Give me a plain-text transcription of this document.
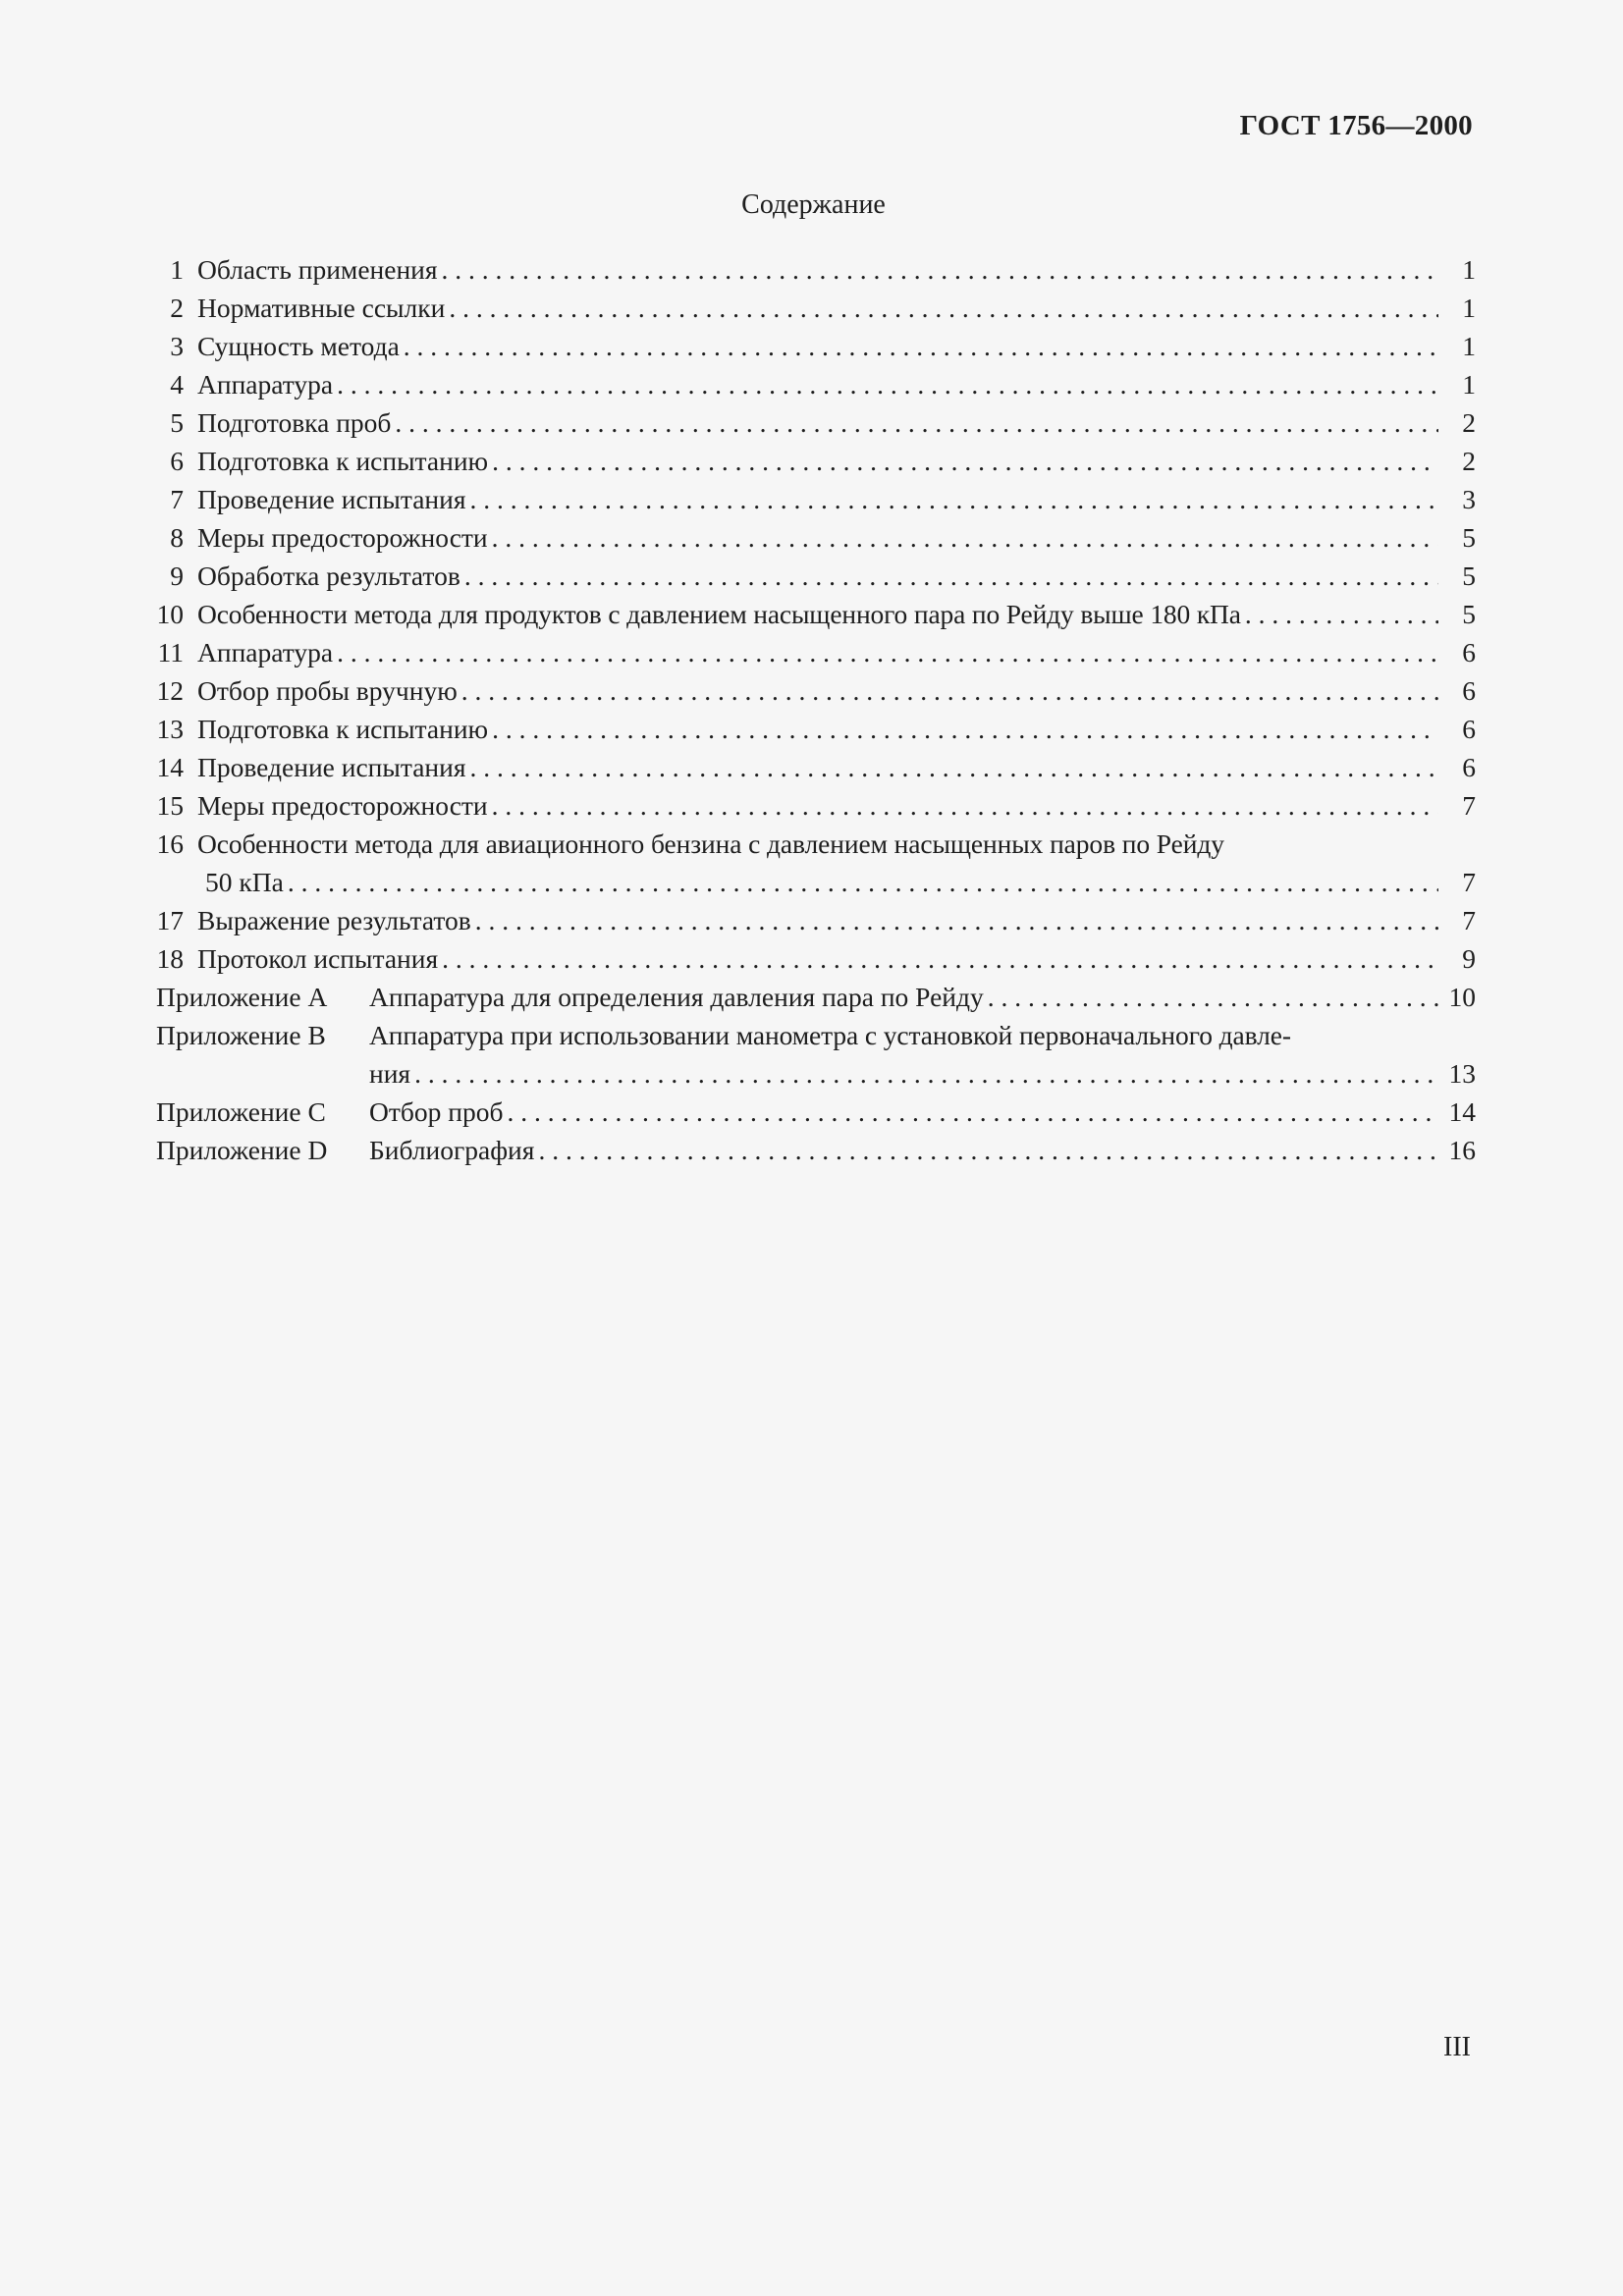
ГОСТ 1756—2000
Содержание
1 Область применения . . .	1
2 Нормативные ссылки . . .	1
3 Сущность метода . . .	1
4 Аппаратура . . .	1
5 Подготовка проб . . .	2
6 Подготовка к испытанию . . .	2
7 Проведение испытания . . .	3
8 Меры предосторожности . . .	5
9 Обработка результатов . . .	5
10 Особенности метода для продуктов с давлением насыщенного пара по Рейду выше 180 кПа . . .	5
11 Аппаратура . . .	6
12 Отбор пробы вручную . . .	6
13 Подготовка к испытанию . . .	6
14 Проведение испытания . . .	6
15 Меры предосторожности . . .	7
16 Особенности метода для авиационного бензина с давлением насыщенных паров по Рейду
50 кПа . . .	7
17 Выражение результатов . . .	7
18 Протокол испытания . . .	9
Приложение А	Аппаратура для определения давления пара по Рейду . . .	10
Приложение В	Аппаратура при использовании манометра с установкой первоначального давле-
ния . . .	13
Приложение С	Отбор проб . . .	14
Приложение D	Библиография . . .	16
III
